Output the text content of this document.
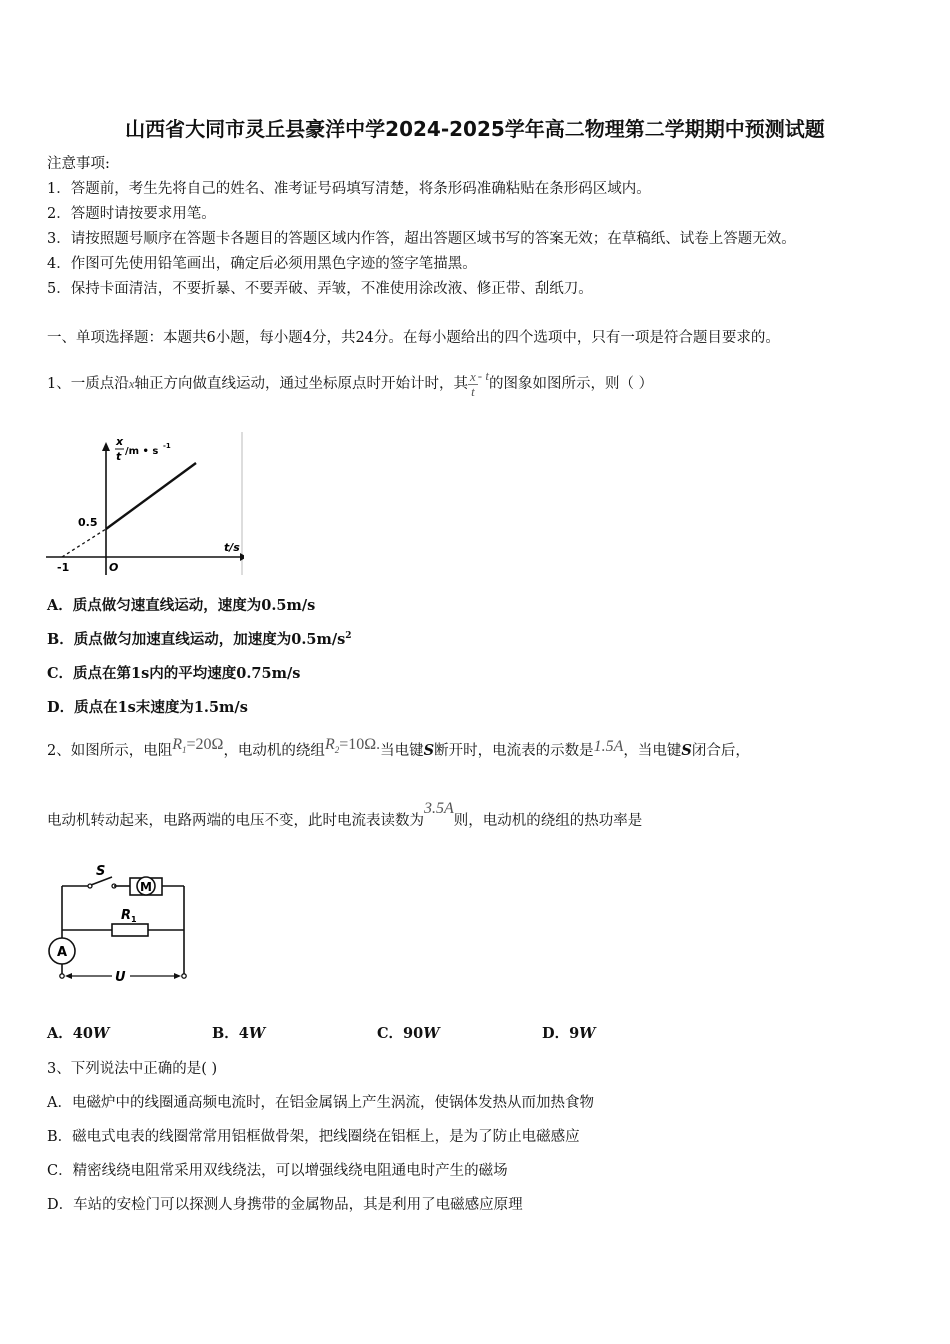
山西省大同市灵丘县豪洋中学2024-2025学年高二物理第二学期期中预测试题
注意事项:
1．答题前，考生先将自己的姓名、准考证号码填写清楚，将条形码准确粘贴在条形码区域内。
2．答题时请按要求用笔。
3．请按照题号顺序在答题卡各题目的答题区域内作答，超出答题区域书写的答案无效；在草稿纸、试卷上答题无效。
4．作图可先使用铅笔画出，确定后必须用黑色字迹的签字笔描黑。
5．保持卡面清洁，不要折暴、不要弄破、弄皱，不准使用涂改液、修正带、刮纸刀。
一、单项选择题：本题共6小题，每小题4分，共24分。在每小题给出的四个选项中，只有一项是符合题目要求的。
1、一质点沿x轴正方向做直线运动，通过坐标原点时开始计时，其 $\frac{x}{t}$ - t的图象如图所示，则（ ）
x
t /m • s -1
0.5
t/s
-1	O
A．质点做匀速直线运动，速度为0.5m/s
B．质点做匀加速直线运动，加速度为$0.5m/s^2$
C．质点在第1s内的平均速度0.75m/s
D．质点在1s末速度为1.5m/s
2、如图所示，电阻$R_1=20\Omega$，电动机的绕组$R_2=10\Omega$.当电键S断开时，电流表的示数是1.5A，当电键S闭合后，
电动机转动起来，电路两端的电压不变，此时电流表读数为3.5A则，电动机的绕组的热功率是
S
M
R 1
A
U
A．40W	B．4W	C．90W	D．9W
3、下列说法中正确的是( )
A．电磁炉中的线圈通高频电流时，在铝金属锅上产生涡流，使锅体发热从而加热食物
B．磁电式电表的线圈常常用铝框做骨架，把线圈绕在铝框上，是为了防止电磁感应
C．精密线绕电阻常采用双线绕法，可以增强线绕电阻通电时产生的磁场
D．车站的安检门可以探测人身携带的金属物品，其是利用了电磁感应原理
